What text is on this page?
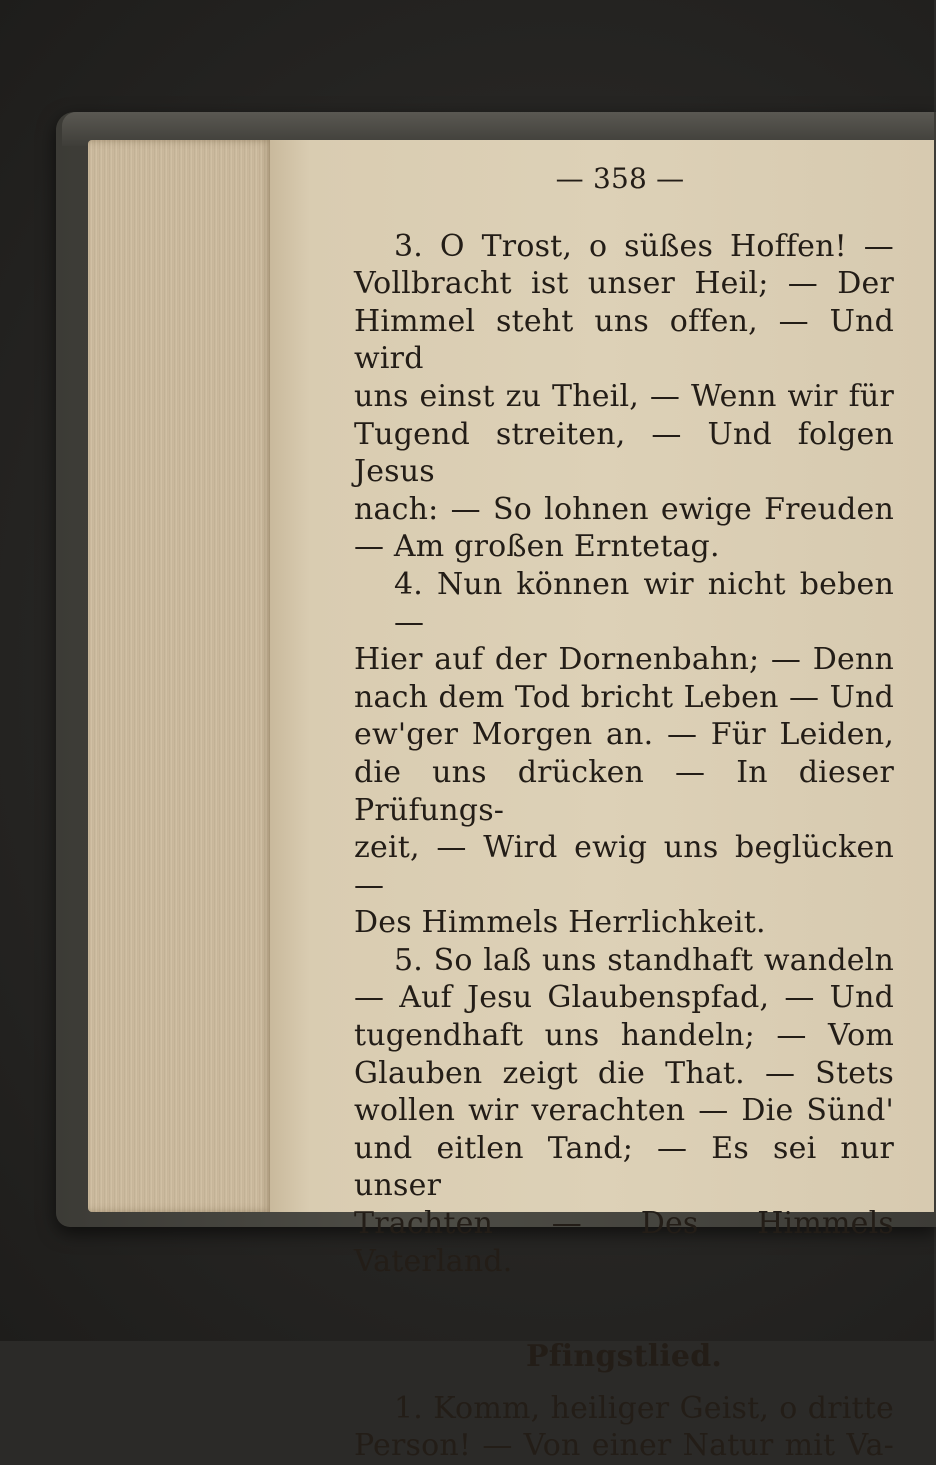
— 358 —

3. O Trost, o süßes Hoffen! —

Vollbracht ist unser Heil; — Der

Himmel steht uns offen, — Und wird

uns einst zu Theil, — Wenn wir für

Tugend streiten, — Und folgen Jesus

nach: — So lohnen ewige Freuden

— Am großen Erntetag.

4. Nun können wir nicht beben —

Hier auf der Dornenbahn; — Denn

nach dem Tod bricht Leben — Und

ew'ger Morgen an. — Für Leiden,

die uns drücken — In dieser Prüfungs-

zeit, — Wird ewig uns beglücken —

Des Himmels Herrlichkeit.

5. So laß uns standhaft wandeln

— Auf Jesu Glaubenspfad, — Und

tugendhaft uns handeln; — Vom

Glauben zeigt die That. — Stets

wollen wir verachten — Die Sünd'

und eitlen Tand; — Es sei nur unser

Trachten — Des Himmels Vaterland.

Pfingstlied.

1. Komm, heiliger Geist, o dritte

Person! — Von einer Natur mit Va-
